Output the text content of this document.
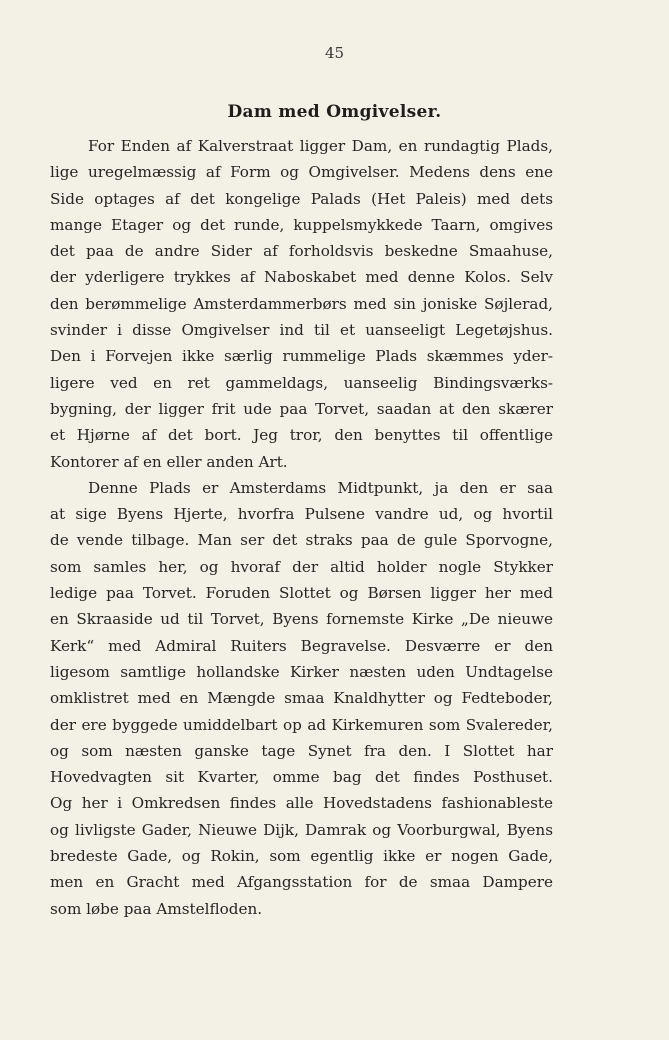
45
Dam med Omgivelser.

For Enden af Kalverstraat ligger Dam, en rundagtig Plads,
lige uregelmæssig af Form og Omgivelser. Medens dens ene
Side optages af det kongelige Palads (Het Paleis) med dets
mange Etager og det runde, kuppelsmykkede Taarn, omgives
det paa de andre Sider af forholdsvis beskedne Smaahuse,
der yderligere trykkes af Naboskabet med denne Kolos. Selv
den berømmelige Amsterdammerbørs med sin joniske Søjlerad,
svinder i disse Omgivelser ind til et uanseeligt Legetøjshus.
Den i Forvejen ikke særlig rummelige Plads skæmmes yder-
ligere ved en ret gammeldags, uanseelig Bindingsværks-
bygning, der ligger frit ude paa Torvet, saadan at den skærer
et Hjørne af det bort. Jeg tror, den benyttes til offentlige
Kontorer af en eller anden Art.

Denne Plads er Amsterdams Midtpunkt, ja den er saa
at sige Byens Hjerte, hvorfra Pulsene vandre ud, og hvortil
de vende tilbage. Man ser det straks paa de gule Sporvogne,
som samles her, og hvoraf der altid holder nogle Stykker
ledige paa Torvet. Foruden Slottet og Børsen ligger her med
en Skraaside ud til Torvet, Byens fornemste Kirke „De nieuwe
Kerk“ med Admiral Ruiters Begravelse. Desværre er den
ligesom samtlige hollandske Kirker næsten uden Undtagelse
omklistret med en Mængde smaa Knaldhytter og Fedteboder,
der ere byggede umiddelbart op ad Kirkemuren som Svalereder,
og som næsten ganske tage Synet fra den. I Slottet har
Hovedvagten sit Kvarter, omme bag det findes Posthuset.
Og her i Omkredsen findes alle Hovedstadens fashionableste
og livligste Gader, Nieuwe Dijk, Damrak og Voorburgwal, Byens
bredeste Gade, og Rokin, som egentlig ikke er nogen Gade,
men en Gracht med Afgangsstation for de smaa Dampere
som løbe paa Amstelfloden.
